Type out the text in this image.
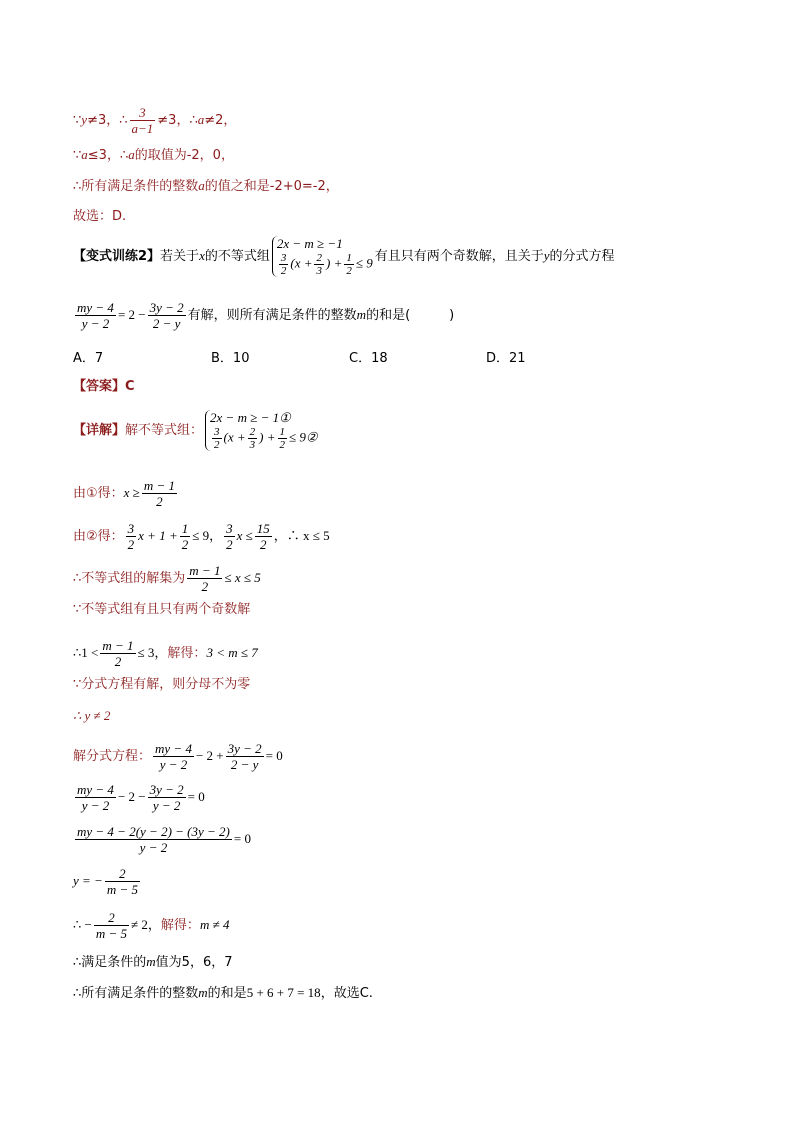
∵y≠3，∴ $\frac{3}{a-1} \ne 3$，∴a≠2，
∵a≤3，∴a的取值为-2，0，
∴所有满足条件的整数a的值之和是-2+0=-2，
故选：D.
【变式训练2】若关于x的不等式组
2x − m ≥ −1
$\frac{3}{2} (x + \frac{2}{3}$ ) + $\frac{1}{2} \le 9$ 有且只有两个奇数解，且关于y的分式方程
$\frac{my - 4}{y - 2} = 2 - \frac{3y - 2}{2 - y}$ 有解，则所有满足条件的整数m的和是(　　　)
A．7	B．10	C．18	D．21
【答案】C
【详解】解不等式组：
2x − m ≥ − 1①
$\frac{3}{2} (x + \frac{2}{3}$ ) + $\frac{1}{2}$ ≤ 9②
由①得：$x \ge \frac{m - 1}{2}$
由②得： $\frac{3}{2}$ $x + 1 + \frac{1}{2} \le 9$， $\frac{3}{2}$ $x \le \frac{15}{2}$ ，∴ x ≤ 5
∴不等式组的解集为 $\frac{m - 1}{2} \le x \le 5$
∵不等式组有且只有两个奇数解
∴1 < $\frac{m - 1}{2} \le 3$，解得：3 < m ≤ 7
∵分式方程有解，则分母不为零
∴ y ≠ 2
解分式方程： $\frac{my - 4}{y - 2} - 2 + \frac{3y - 2}{2 - y} = 0$
$\frac{my - 4}{y - 2} - 2 - \frac{3y - 2}{y - 2} = 0$
$\frac{my - 4 - 2(y - 2) - (3y - 2)}{y - 2} = 0$
y = − $\frac{2}{m - 5}$
∴ − $\frac{2}{m - 5} \ne 2$，解得：m ≠ 4
∴满足条件的m值为5，6，7
∴所有满足条件的整数m的和是5 + 6 + 7 = 18，故选C.
